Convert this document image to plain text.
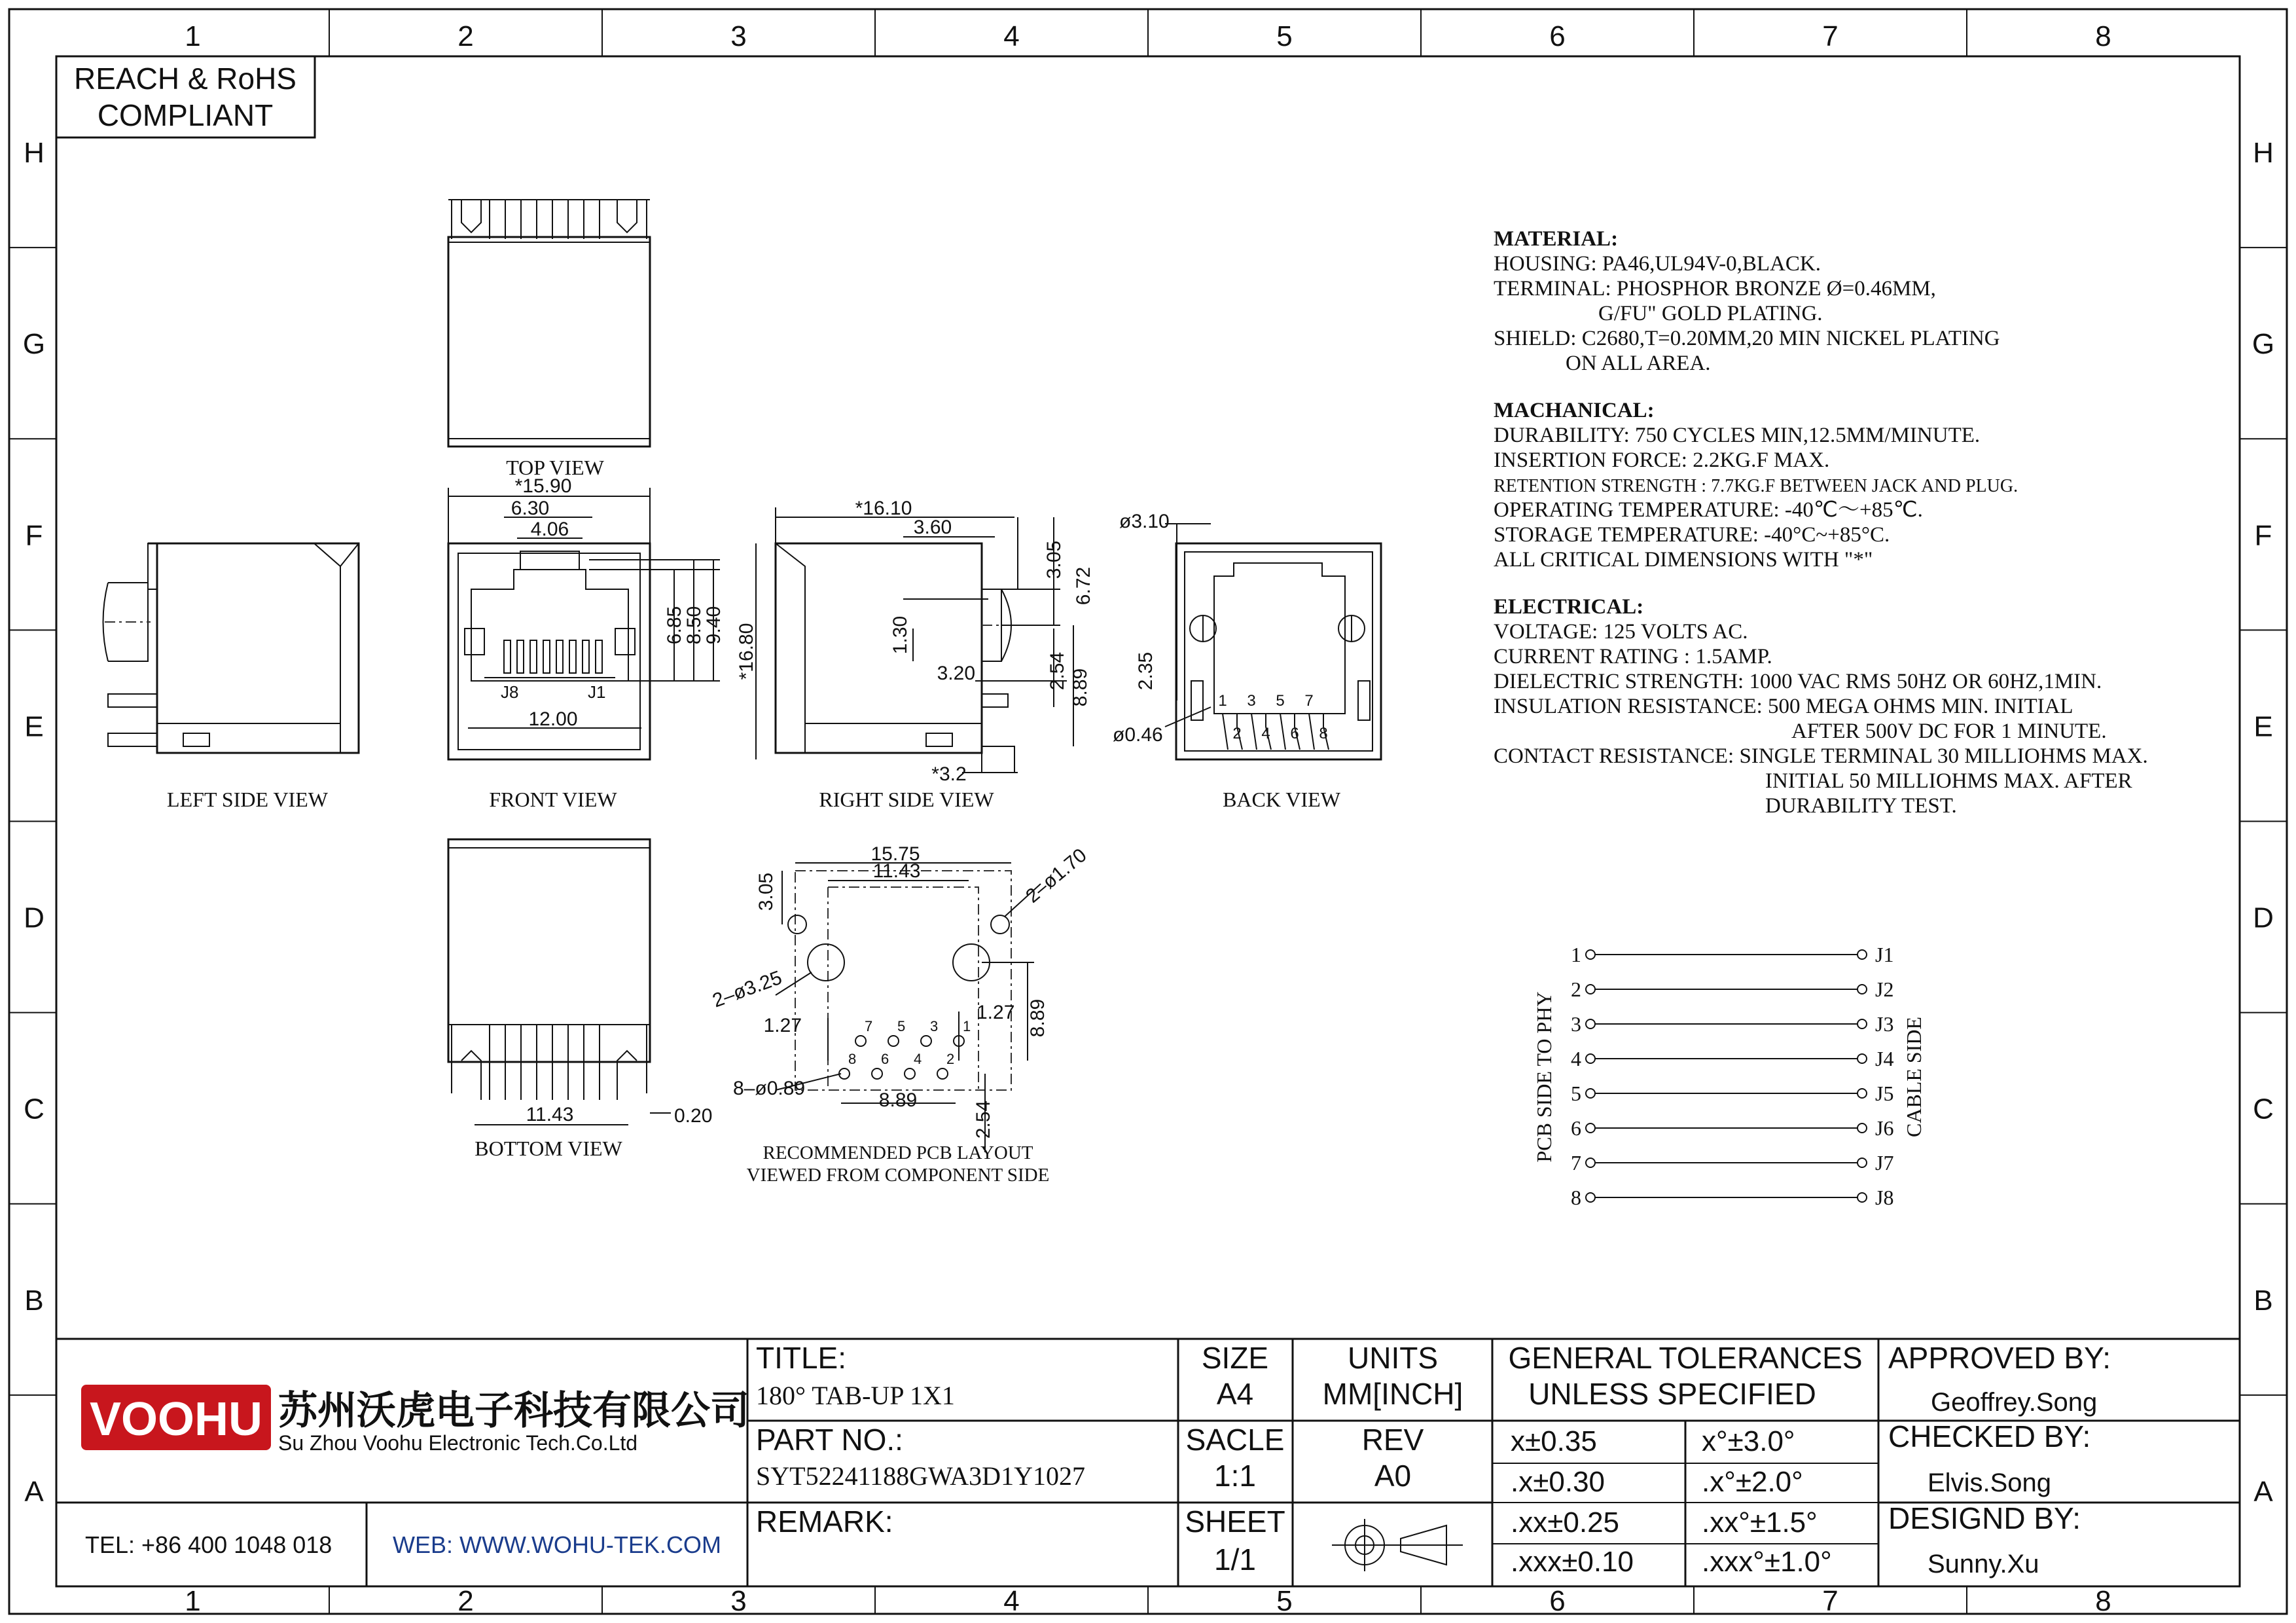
1
1
2
2
3
3
4
4
5
5
6
6
7
7
8
8
H	H
G	G
F	F
E	E
D	D
C	C
B	B
A	A
REACH & RoHS
COMPLIANT
TOP VIEW
LEFT SIDE VIEW
J8	J1
*15.90
6.30
4.06
12.00
6.85
8.50
9.40
FRONT VIEW
*16.10
3.60
3.05
6.72
1.30
*16.80	2.54 8.89
3.20
*3.2
RIGHT SIDE VIEW
1 3 5 7
2 4 6 8
ø3.10
2.35
ø0.46
BACK VIEW
11.43	0.20
BOTTOM VIEW
8
7
6
5
4
3
2
1
15.75
11.43
3.05	2–ø1.70
2–ø3.25
1.27
1.27 8.89
8–ø0.89
8.89
2.54
RECOMMENDED PCB LAYOUT
VIEWED FROM COMPONENT SIDE
MATERIAL:
HOUSING: PA46,UL94V-0,BLACK.
TERMINAL: PHOSPHOR BRONZE Ø=0.46MM,
G/FU" GOLD PLATING.
SHIELD: C2680,T=0.20MM,20 MIN NICKEL PLATING
ON ALL AREA.
MACHANICAL:
DURABILITY: 750 CYCLES MIN,12.5MM/MINUTE.
INSERTION FORCE: 2.2KG.F MAX.
RETENTION STRENGTH : 7.7KG.F BETWEEN JACK AND PLUG.
OPERATING TEMPERATURE: -40℃～+85℃.
STORAGE TEMPERATURE: -40°C~+85°C.
ALL CRITICAL DIMENSIONS WITH "*"
ELECTRICAL:
VOLTAGE: 125 VOLTS AC.
CURRENT RATING : 1.5AMP.
DIELECTRIC STRENGTH: 1000 VAC RMS 50HZ OR 60HZ,1MIN.
INSULATION RESISTANCE: 500 MEGA OHMS MIN. INITIAL
AFTER 500V DC FOR 1 MINUTE.
CONTACT RESISTANCE: SINGLE TERMINAL 30 MILLIOHMS MAX.
INITIAL 50 MILLIOHMS MAX. AFTER
DURABILITY TEST.
PCB SIDE TO PHY	CABLE SIDE
1	J1
2	J2
3	J3
4	J4
5	J5
6	J6
7	J7
8	J8
VOOHU 苏州沃虎电子科技有限公司
Su Zhou Voohu Electronic Tech.Co.Ltd
TEL: +86 400 1048 018	WEB: WWW.WOHU-TEK.COM
TITLE:
180° TAB-UP 1X1
PART NO.:
SYT52241188GWA3D1Y1027
REMARK:
SIZE
A4
SACLE
1:1
SHEET
1/1
UNITS
MM[INCH]
REV
A0
GENERAL TOLERANCES
UNLESS SPECIFIED
x±0.35	x°±3.0°
.x±0.30	.x°±2.0°
.xx±0.25	.xx°±1.5°
.xxx±0.10 .xxx°±1.0°
APPROVED BY:
Geoffrey.Song
CHECKED BY:
Elvis.Song
DESIGND BY:
Sunny.Xu
